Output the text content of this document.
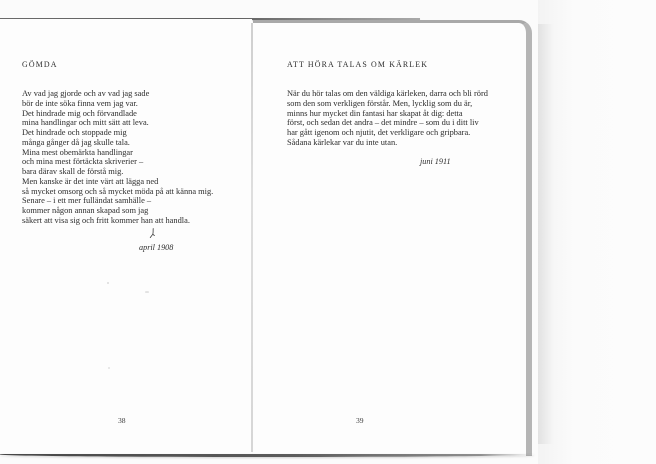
GÖMDA
Av vad jag gjorde och av vad jag sade
bör de inte söka finna vem jag var.
Det hindrade mig och förvandlade
mina handlingar och mitt sätt att leva.
Det hindrade och stoppade mig
många gånger då jag skulle tala.
Mina mest obemärkta handlingar
och mina mest förtäckta skriverier –
bara därav skall de förstå mig.
Men kanske är det inte värt att lägga ned
så mycket omsorg och så mycket möda på att känna mig.
Senare – i ett mer fulländat samhälle –
kommer någon annan skapad som jag
säkert att visa sig och fritt kommer han att handla.
april 1908
38
ATT HÖRA TALAS OM KÄRLEK
När du hör talas om den väldiga kärleken, darra och bli rörd
som den som verkligen förstår. Men, lycklig som du är,
minns hur mycket din fantasi har skapat åt dig: detta
först, och sedan det andra – det mindre – som du i ditt liv
har gått igenom och njutit, det verkligare och gripbara.
Sådana kärlekar var du inte utan.
juni 1911
39
